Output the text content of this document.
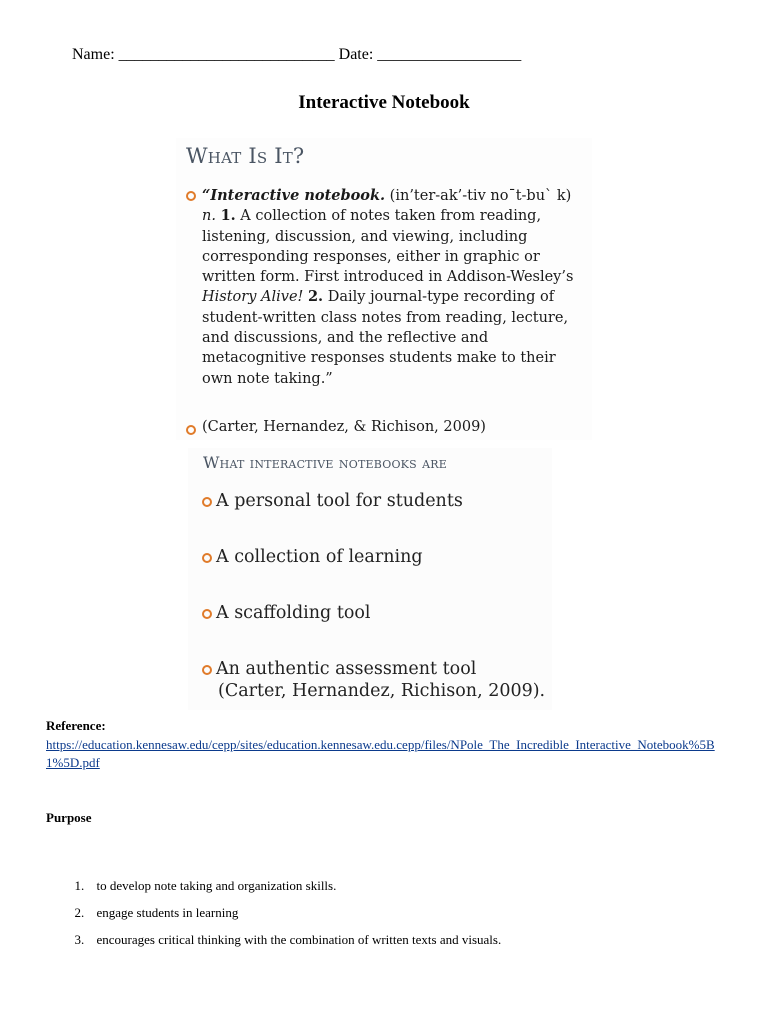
Name: ___________________________ Date: __________________
Interactive Notebook
What Is It?
“Interactive notebook. (in’ter-ak’-tiv no¯t-bu` k) n. 1. A collection of notes taken from reading, listening, discussion, and viewing, including corresponding responses, either in graphic or written form. First introduced in Addison-Wesley’s History Alive! 2. Daily journal-type recording of student-written class notes from reading, lecture, and discussions, and the reflective and metacognitive responses students make to their own note taking.”
(Carter, Hernandez, & Richison, 2009)
What interactive notebooks are
A personal tool for students
A collection of learning
A scaffolding tool
An authentic assessment tool
(Carter, Hernandez, Richison, 2009).
Reference:
https://education.kennesaw.edu/cepp/sites/education.kennesaw.edu.cepp/files/NPole_The_Incredible_Interactive_Notebook%5B1%5D.pdf
Purpose

1. to develop note taking and organization skills.

2. engage students in learning

3. encourages critical thinking with the combination of written texts and visuals.
